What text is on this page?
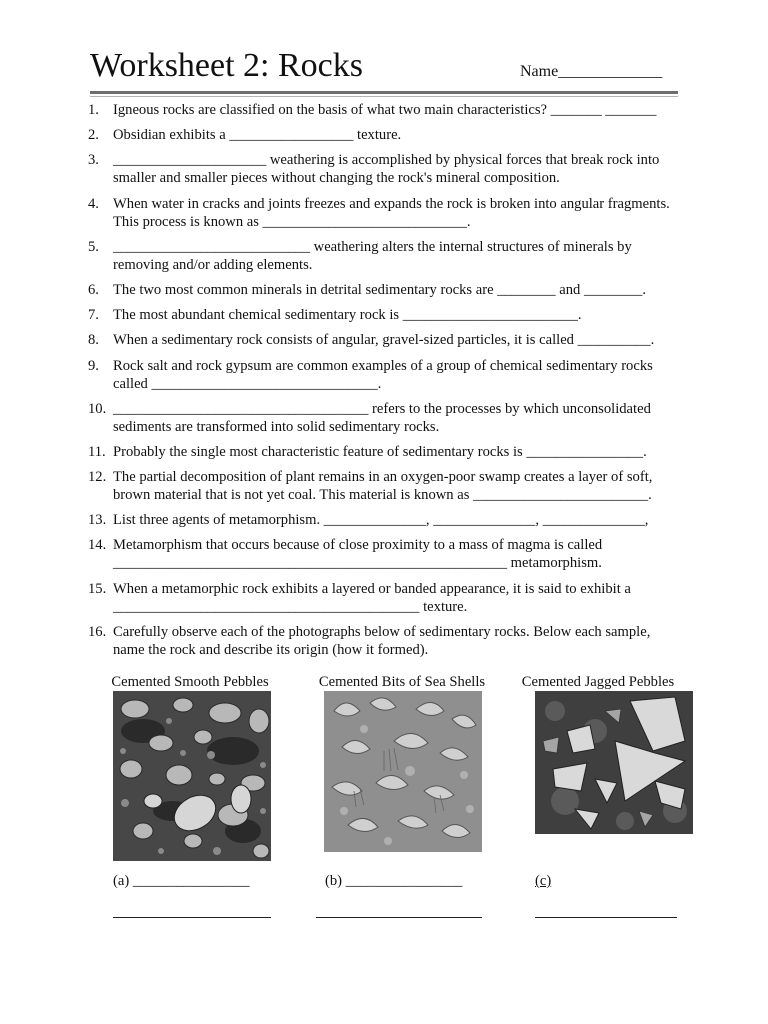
Worksheet 2: Rocks	Name_____________
1. Igneous rocks are classified on the basis of what two main characteristics? _______ _______
2. Obsidian exhibits a _________________ texture.
3. _____________________ weathering is accomplished by physical forces that break rock into smaller and smaller pieces without changing the rock's mineral composition.
4. When water in cracks and joints freezes and expands the rock is broken into angular fragments. This process is known as ____________________________.
5. ___________________________ weathering alters the internal structures of minerals by removing and/or adding elements.
6. The two most common minerals in detrital sedimentary rocks are ________ and ________.
7. The most abundant chemical sedimentary rock is ________________________.
8. When a sedimentary rock consists of angular, gravel-sized particles, it is called __________.
9. Rock salt and rock gypsum are common examples of a group of chemical sedimentary rocks called _______________________________.
10. ___________________________________ refers to the processes by which unconsolidated sediments are transformed into solid sedimentary rocks.
11. Probably the single most characteristic feature of sedimentary rocks is ________________.
12. The partial decomposition of plant remains in an oxygen-poor swamp creates a layer of soft, brown material that is not yet coal. This material is known as ________________________.
13. List three agents of metamorphism. ______________, ______________, ______________,
14. Metamorphism that occurs because of close proximity to a mass of magma is called ______________________________________________________ metamorphism.
15. When a metamorphic rock exhibits a layered or banded appearance, it is said to exhibit a __________________________________________ texture.
16. Carefully observe each of the photographs below of sedimentary rocks. Below each sample, name the rock and describe its origin (how it formed).
Cemented Smooth Pebbles
(a) ________________
Cemented Bits of Sea Shells
(b) ________________
Cemented Jagged Pebbles
(c)
